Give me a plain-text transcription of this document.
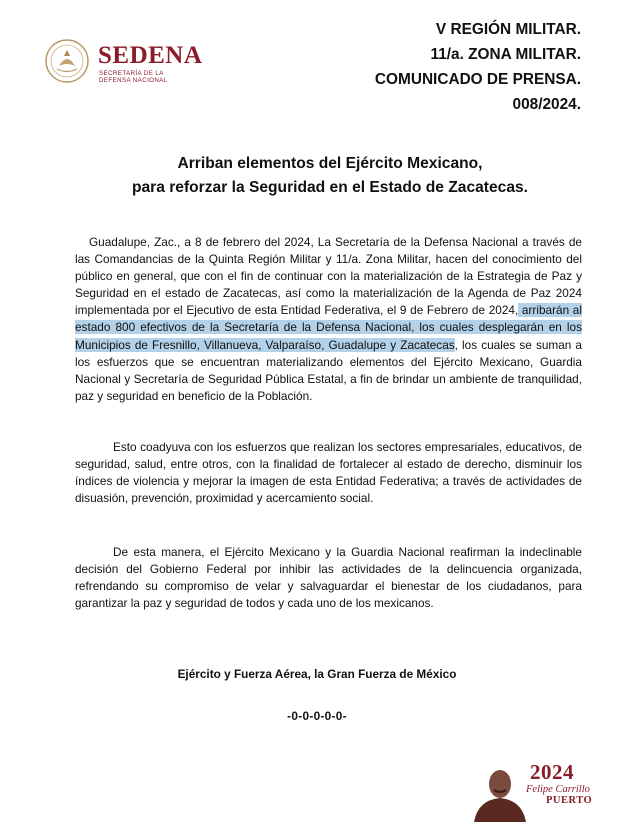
SEDENA
SECRETARÍA DE LA DEFENSA NACIONAL
V REGIÓN MILITAR.
11/a. ZONA MILITAR.
COMUNICADO DE PRENSA.
008/2024.
Arriban elementos del Ejército Mexicano,
para reforzar la Seguridad en el Estado de Zacatecas.
Guadalupe, Zac., a 8 de febrero del 2024, La Secretaría de la Defensa Nacional a través de las Comandancias de la Quinta Región Militar y 11/a. Zona Militar, hacen del conocimiento del público en general, que con el fin de continuar con la materialización de la Estrategia de Paz y Seguridad en el estado de Zacatecas, así como la materialización de la Agenda de Paz 2024 implementada por el Ejecutivo de esta Entidad Federativa, el 9 de Febrero de 2024, arribarán al estado 800 efectivos de la Secretaría de la Defensa Nacional, los cuales desplegarán en los Municipios de Fresnillo, Villanueva, Valparaíso, Guadalupe y Zacatecas, los cuales se suman a los esfuerzos que se encuentran materializando elementos del Ejército Mexicano, Guardia Nacional y Secretaría de Seguridad Pública Estatal, a fin de brindar un ambiente de tranquilidad, paz y seguridad en beneficio de la Población.
Esto coadyuva con los esfuerzos que realizan los sectores empresariales, educativos, de seguridad, salud, entre otros, con la finalidad de fortalecer al estado de derecho, disminuir los índices de violencia y mejorar la imagen de esta Entidad Federativa; a través de actividades de disuasión, prevención, proximidad y acercamiento social.
De esta manera, el Ejército Mexicano y la Guardia Nacional reafirman la indeclinable decisión del Gobierno Federal por inhibir las actividades de la delincuencia organizada, refrendando su compromiso de velar y salvaguardar el bienestar de los ciudadanos, para garantizar la paz y seguridad de todos y cada uno de los mexicanos.
Ejército y Fuerza Aérea, la Gran Fuerza de México
-0-0-0-0-0-
2024
Felipe Carrillo
PUERTO
